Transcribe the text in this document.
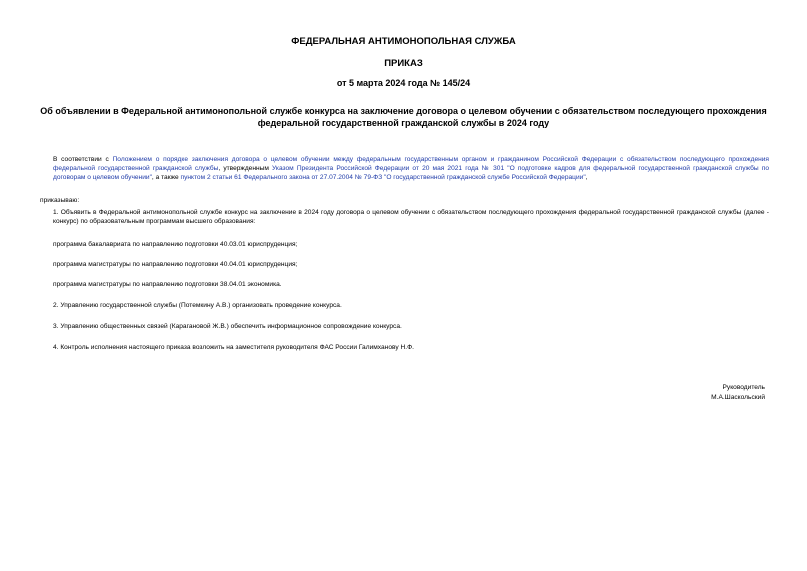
ФЕДЕРАЛЬНАЯ АНТИМОНОПОЛЬНАЯ СЛУЖБА
ПРИКАЗ
от 5 марта 2024 года № 145/24
Об объявлении в Федеральной антимонопольной службе конкурса на заключение договора о целевом обучении с обязательством последующего прохождения федеральной государственной гражданской службы в 2024 году

В соответствии с Положением о порядке заключения договора о целевом обучении между федеральным государственным органом и гражданином Российской Федерации с обязательством последующего прохождения федеральной государственной гражданской службы, утвержденным Указом Президента Российской Федерации от 20 мая 2021 года № 301 "О подготовке кадров для федеральной государственной гражданской службы по договорам о целевом обучении", а также пунктом 2 статьи 61 Федерального закона от 27.07.2004 № 79-ФЗ "О государственной гражданской службе Российской Федерации",

приказываю:

1. Объявить в Федеральной антимонопольной службе конкурс на заключение в 2024 году договора о целевом обучении с обязательством последующего прохождения федеральной государственной гражданской службы (далее - конкурс) по образовательным программам высшего образования:

программа бакалавриата по направлению подготовки 40.03.01 юриспруденция;

программа магистратуры по направлению подготовки 40.04.01 юриспруденция;

программа магистратуры по направлению подготовки 38.04.01 экономика.

2. Управлению государственной службы (Потемкину А.В.) организовать проведение конкурса.

3. Управлению общественных связей (Карагановой Ж.В.) обеспечить информационное сопровождение конкурса.

4. Контроль исполнения настоящего приказа возложить на заместителя руководителя ФАС России Галимханову Н.Ф.

Руководитель
М.А.Шаскольский
